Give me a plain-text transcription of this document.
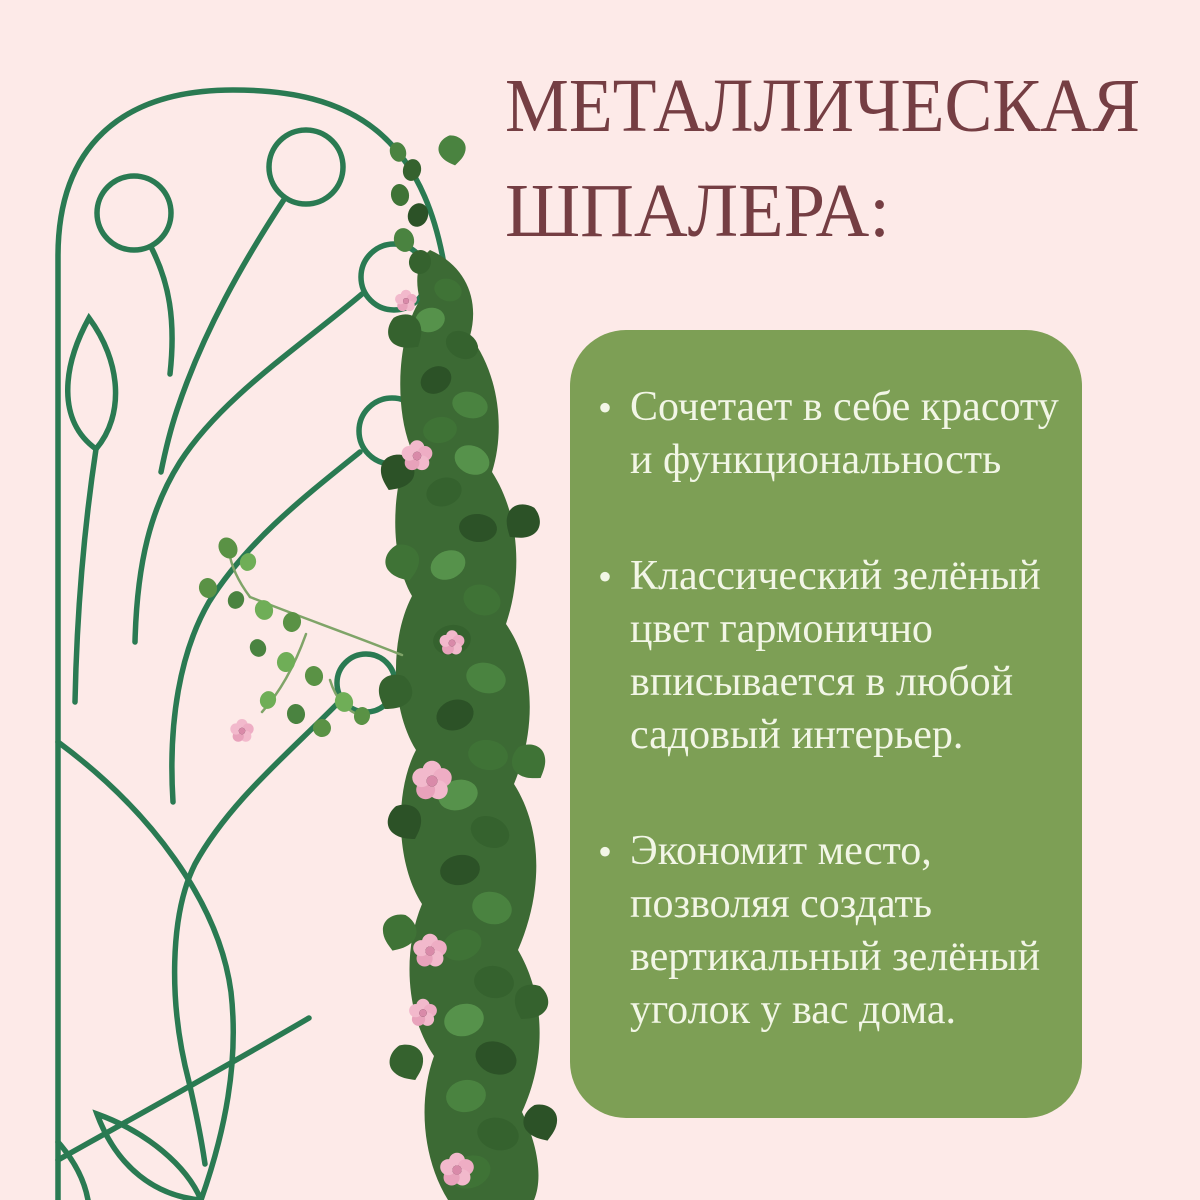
МЕТАЛЛИЧЕСКАЯ
ШПАЛЕРА:
• Сочетает в себе красоту
и функциональность
• Классический зелёный
цвет гармонично
вписывается в любой
садовый интерьер.
• Экономит место,
позволяя создать
вертикальный зелёный
уголок у вас дома.
